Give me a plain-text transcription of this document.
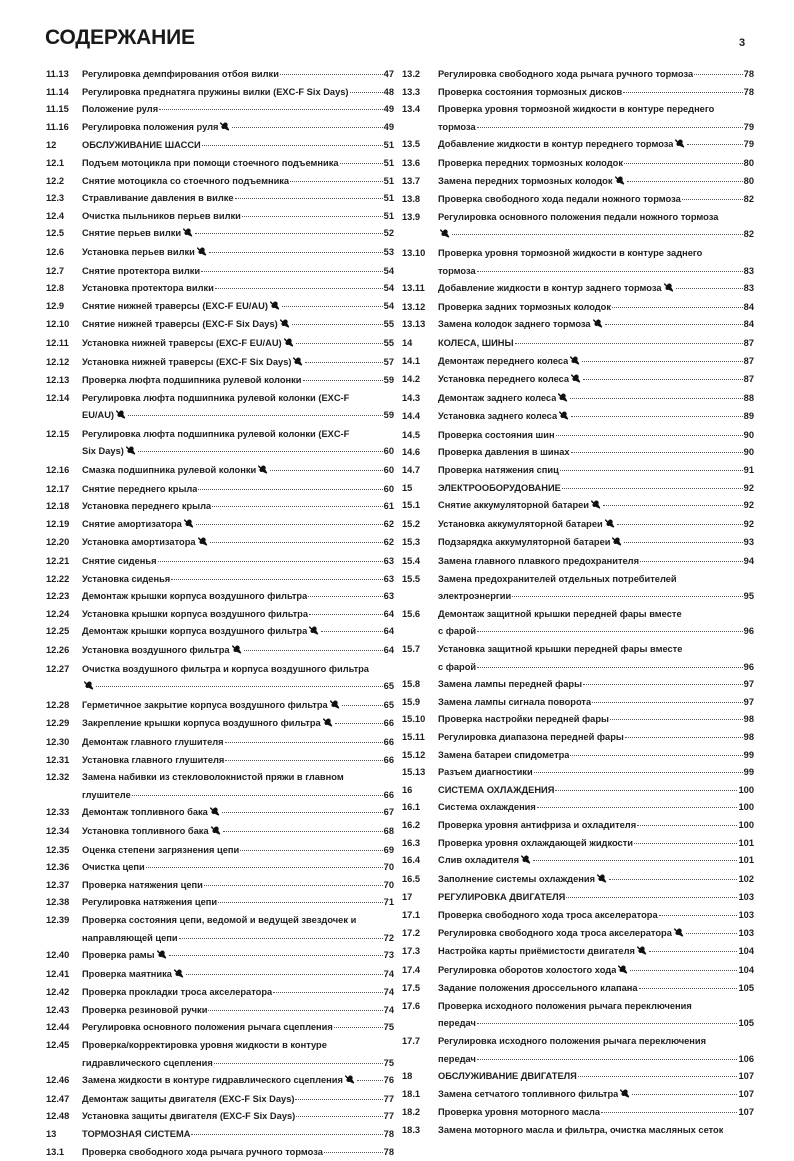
СОДЕРЖАНИЕ	3
11.13	Регулировка демпфирования отбоя вилки	47
11.14	Регулировка преднатяга пружины вилки (EXC-F Six Days)	48
11.15	Положение руля	49
11.16	Регулировка положения руля	49
12	ОБСЛУЖИВАНИЕ ШАССИ	51
12.1	Подъем мотоцикла при помощи стоечного подъемника	51
12.2	Снятие мотоцикла со стоечного подъемника	51
12.3	Стравливание давления в вилке	51
12.4	Очистка пыльников перьев вилки	51
12.5	Снятие перьев вилки	52
12.6	Установка перьев вилки	53
12.7	Снятие протектора вилки	54
12.8	Установка протектора вилки	54
12.9	Снятие нижней траверсы (EXC-F EU/AU)	54
12.10	Снятие нижней траверсы (EXC-F Six Days)	55
12.11	Установка нижней траверсы (EXC-F EU/AU)	55
12.12	Установка нижней траверсы (EXC-F Six Days)	57
12.13	Проверка люфта подшипника рулевой колонки	59
12.14	Регулировка люфта подшипника рулевой колонки (EXC-F
EU/AU)	59
12.15	Регулировка люфта подшипника рулевой колонки (EXC-F
Six Days)	60
12.16	Смазка подшипника рулевой колонки	60
12.17	Снятие переднего крыла	60
12.18	Установка переднего крыла	61
12.19	Снятие амортизатора	62
12.20	Установка амортизатора	62
12.21	Снятие сиденья	63
12.22	Установка сиденья	63
12.23	Демонтаж крышки корпуса воздушного фильтра	63
12.24	Установка крышки корпуса воздушного фильтра	64
12.25	Демонтаж крышки корпуса воздушного фильтра	64
12.26	Установка воздушного фильтра	64
12.27	Очистка воздушного фильтра и корпуса воздушного фильтра
65
12.28	Герметичное закрытие корпуса воздушного фильтра	65
12.29	Закрепление крышки корпуса воздушного фильтра	66
12.30	Демонтаж главного глушителя	66
12.31	Установка главного глушителя	66
12.32	Замена набивки из стекловолокнистой пряжи в главном
глушителе	66
12.33	Демонтаж топливного бака	67
12.34	Установка топливного бака	68
12.35	Оценка степени загрязнения цепи	69
12.36	Очистка цепи	70
12.37	Проверка натяжения цепи	70
12.38	Регулировка натяжения цепи	71
12.39	Проверка состояния цепи, ведомой и ведущей звездочек и
направляющей цепи	72
12.40	Проверка рамы	73
12.41	Проверка маятника	74
12.42	Проверка прокладки троса акселератора	74
12.43	Проверка резиновой ручки	74
12.44	Регулировка основного положения рычага сцепления	75
12.45	Проверка/корректировка уровня жидкости в контуре
гидравлического сцепления	75
12.46	Замена жидкости в контуре гидравлического сцепления	76
12.47	Демонтаж защиты двигателя (EXC-F Six Days)	77
12.48	Установка защиты двигателя (EXC-F Six Days)	77
13	ТОРМОЗНАЯ СИСТЕМА	78
13.1	Проверка свободного хода рычага ручного тормоза	78
13.2	Регулировка свободного хода рычага ручного тормоза	78
13.3	Проверка состояния тормозных дисков	78
13.4	Проверка уровня тормозной жидкости в контуре переднего
тормоза	79
13.5	Добавление жидкости в контур переднего тормоза	79
13.6	Проверка передних тормозных колодок	80
13.7	Замена передних тормозных колодок	80
13.8	Проверка свободного хода педали ножного тормоза	82
13.9	Регулировка основного положения педали ножного тормоза
82
13.10	Проверка уровня тормозной жидкости в контуре заднего
тормоза	83
13.11	Добавление жидкости в контур заднего тормоза	83
13.12	Проверка задних тормозных колодок	84
13.13	Замена колодок заднего тормоза	84
14	КОЛЕСА, ШИНЫ	87
14.1	Демонтаж переднего колеса	87
14.2	Установка переднего колеса	87
14.3	Демонтаж заднего колеса	88
14.4	Установка заднего колеса	89
14.5	Проверка состояния шин	90
14.6	Проверка давления в шинах	90
14.7	Проверка натяжения спиц	91
15	ЭЛЕКТРООБОРУДОВАНИЕ	92
15.1	Снятие аккумуляторной батареи	92
15.2	Установка аккумуляторной батареи	92
15.3	Подзарядка аккумуляторной батареи	93
15.4	Замена главного плавкого предохранителя	94
15.5	Замена предохранителей отдельных потребителей
электроэнергии	95
15.6	Демонтаж защитной крышки передней фары вместе
с фарой	96
15.7	Установка защитной крышки передней фары вместе
с фарой	96
15.8	Замена лампы передней фары	97
15.9	Замена лампы сигнала поворота	97
15.10	Проверка настройки передней фары	98
15.11	Регулировка диапазона передней фары	98
15.12	Замена батареи спидометра	99
15.13	Разъем диагностики	99
16	СИСТЕМА ОХЛАЖДЕНИЯ	100
16.1	Система охлаждения	100
16.2	Проверка уровня антифриза и охладителя	100
16.3	Проверка уровня охлаждающей жидкости	101
16.4	Слив охладителя	101
16.5	Заполнение системы охлаждения	102
17	РЕГУЛИРОВКА ДВИГАТЕЛЯ	103
17.1	Проверка свободного хода троса акселератора	103
17.2	Регулировка свободного хода троса акселератора	103
17.3	Настройка карты приёмистости двигателя	104
17.4	Регулировка оборотов холостого хода	104
17.5	Задание положения дроссельного клапана	105
17.6	Проверка исходного положения рычага переключения
передач	105
17.7	Регулировка исходного положения рычага переключения
передач	106
18	ОБСЛУЖИВАНИЕ ДВИГАТЕЛЯ	107
18.1	Замена сетчатого топливного фильтра	107
18.2	Проверка уровня моторного масла	107
18.3	Замена моторного масла и фильтра, очистка масляных сеток
